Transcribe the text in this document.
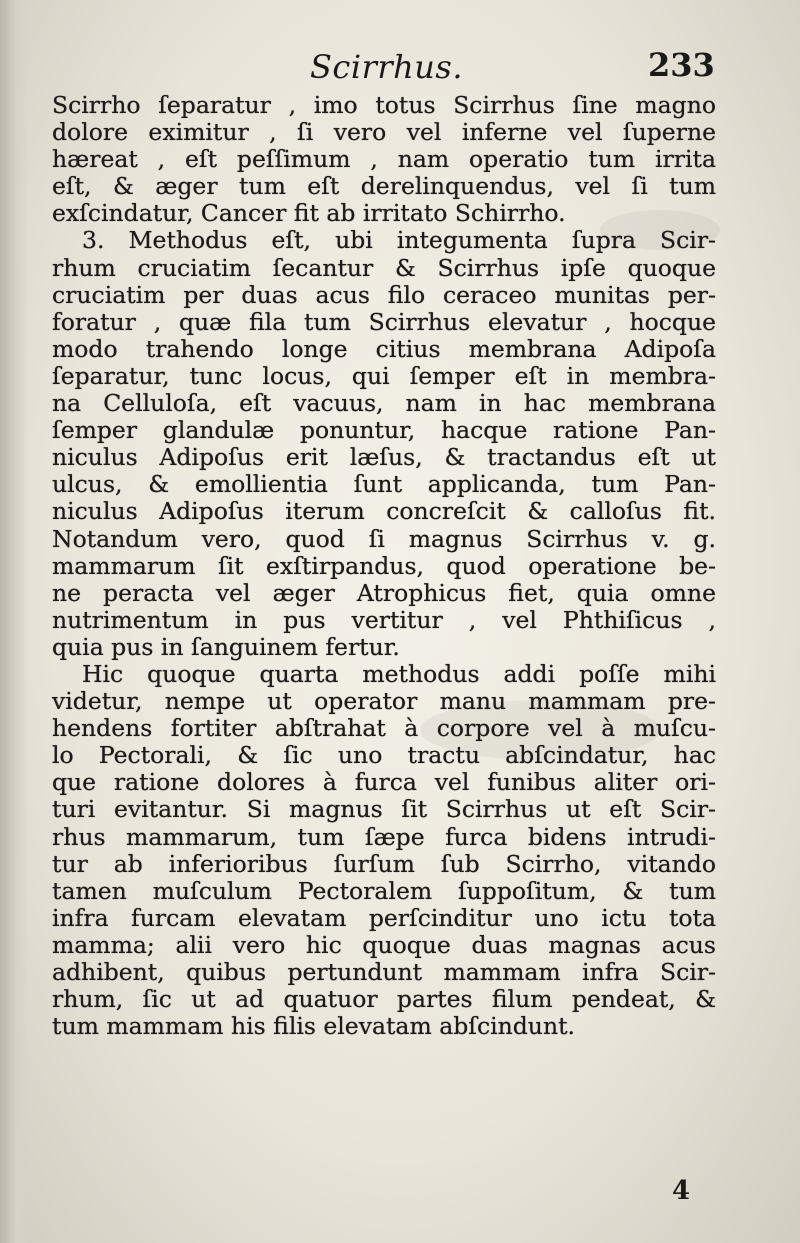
Scirrhus.	233
Scirrho ſeparatur , imo totus Scirrhus ſine magno
dolore eximitur , ſi vero vel inferne vel ſuperne
hæreat , eſt peſſimum , nam operatio tum irrita
eſt, & æger tum eſt derelinquendus, vel ſi tum
exſcindatur, Cancer fit ab irritato Schirrho.
3. Methodus eſt, ubi integumenta ſupra Scir-
rhum cruciatim ſecantur & Scirrhus ipſe quoque
cruciatim per duas acus filo ceraceo munitas per-
foratur , quæ fila tum Scirrhus elevatur , hocque
modo trahendo longe citius membrana Adipoſa
ſeparatur, tunc locus, qui ſemper eſt in membra-
na Celluloſa, eſt vacuus, nam in hac membrana
ſemper glandulæ ponuntur, hacque ratione Pan-
niculus Adipoſus erit læſus, & tractandus eſt ut
ulcus, & emollientia ſunt applicanda, tum Pan-
niculus Adipoſus iterum concreſcit & calloſus fit.
Notandum vero, quod ſi magnus Scirrhus v. g.
mammarum ſit exſtirpandus, quod operatione be-
ne peracta vel æger Atrophicus fiet, quia omne
nutrimentum in pus vertitur , vel Phthiſicus ,
quia pus in ſanguinem fertur.
Hic quoque quarta methodus addi poſſe mihi
videtur, nempe ut operator manu mammam pre-
hendens fortiter abſtrahat à corpore vel à muſcu-
lo Pectorali, & ſic uno tractu abſcindatur, hac
que ratione dolores à furca vel funibus aliter ori-
turi evitantur. Si magnus ſit Scirrhus ut eſt Scir-
rhus mammarum, tum ſæpe furca bidens intrudi-
tur ab inferioribus ſurſum ſub Scirrho, vitando
tamen muſculum Pectoralem ſuppoſitum, & tum
infra furcam elevatam perſcinditur uno ictu tota
mamma; alii vero hic quoque duas magnas acus
adhibent, quibus pertundunt mammam infra Scir-
rhum, ſic ut ad quatuor partes filum pendeat, &
tum mammam his filis elevatam abſcindunt.
4
